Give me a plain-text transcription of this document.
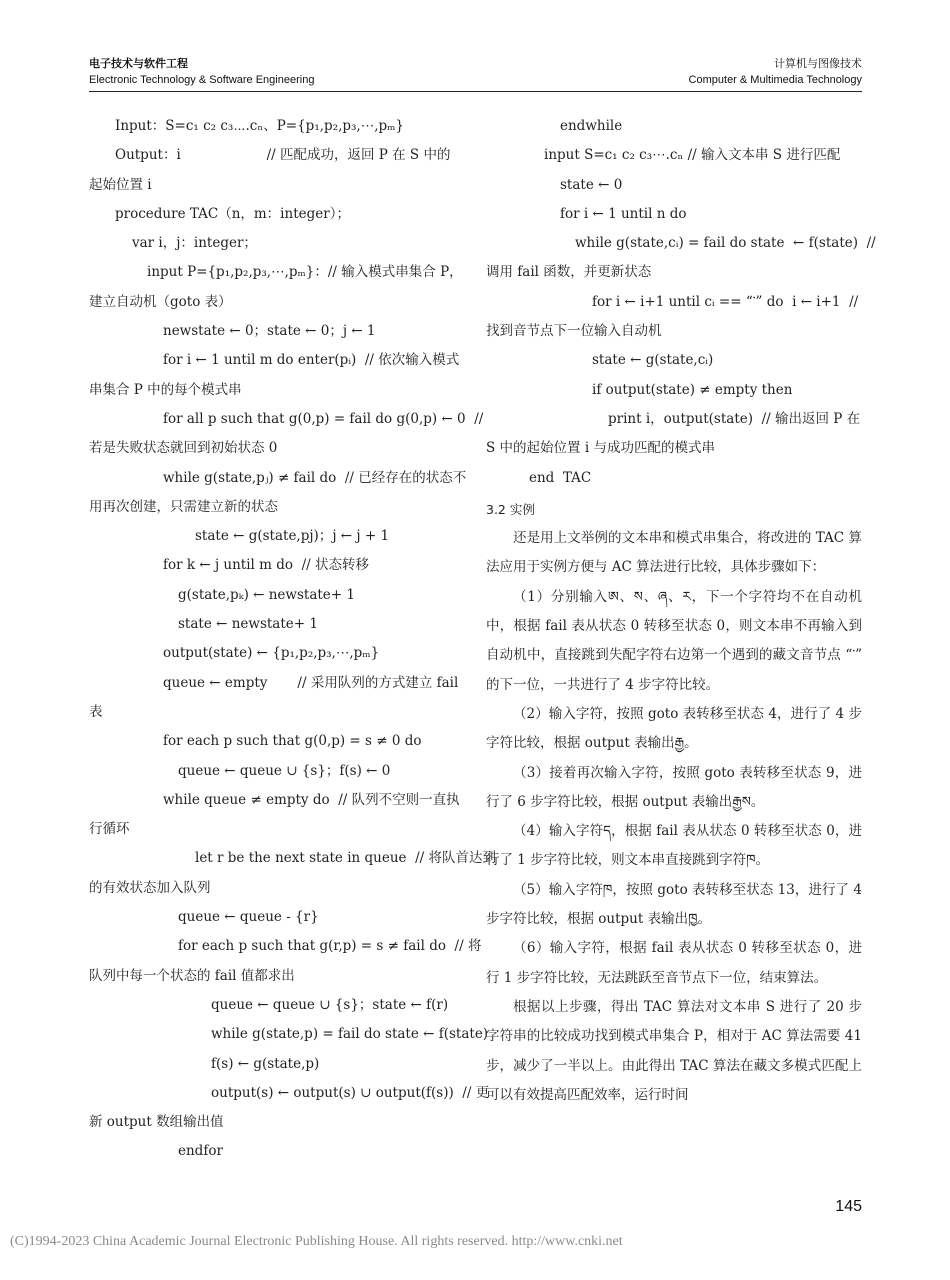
电子技术与软件工程
Electronic Technology & Software Engineering
计算机与图像技术
Computer & Multimedia Technology

Input：S=c₁ c₂ c₃⋯.cₙ、P={p₁,p₂,p₃,⋯,pₘ}

Output：i                    // 匹配成功，返回 P 在 S 中的

起始位置 i

procedure TAC（n，m：integer）；

var i，j：integer；

input P={p₁,p₂,p₃,⋯,pₘ}：// 输入模式串集合 P，

建立自动机（goto 表）

newstate ← 0；state ← 0；j ← 1

for i ← 1 until m do enter(pᵢ)  // 依次输入模式

串集合 P 中的每个模式串

for all p such that g(0,p) = fail do g(0,p) ← 0  //

若是失败状态就回到初始状态 0

while g(state,pⱼ) ≠ fail do  // 已经存在的状态不

用再次创建，只需建立新的状态

state ← g(state,pj)；j ← j + 1

for k ← j until m do  // 状态转移

g(state,pₖ) ← newstate+ 1

state ← newstate+ 1

output(state) ← {p₁,p₂,p₃,⋯,pₘ}

queue ← empty       // 采用队列的方式建立 fail

表

for each p such that g(0,p) = s ≠ 0 do

queue ← queue ∪ {s}；f(s) ← 0

while queue ≠ empty do  // 队列不空则一直执

行循环

let r be the next state in queue  // 将队首达到

的有效状态加入队列

queue ← queue - {r}

for each p such that g(r,p) = s ≠ fail do  // 将

队列中每一个状态的 fail 值都求出

queue ← queue ∪ {s}；state ← f(r)

while g(state,p) = fail do state ← f(state)

f(s) ← g(state,p)

output(s) ← output(s) ∪ output(f(s))  // 更

新 output 数组输出值

endfor

endwhile

input S=c₁ c₂ c₃⋯.cₙ // 输入文本串 S 进行匹配

state ← 0

for i ← 1 until n do

while g(state,cᵢ) = fail do state  ← f(state)  //

调用 fail 函数，并更新状态

for i ← i+1 until cᵢ == “་” do  i ← i+1  //

找到音节点下一位输入自动机

state ← g(state,cᵢ)

if output(state) ≠ empty then

print i，output(state)  // 输出返回 P 在

S 中的起始位置 i 与成功匹配的模式串

end  TAC

3.2 实例

还是用上文举例的文本串和模式串集合，将改进的 TAC 算法应用于实例方便与 AC 算法进行比较，具体步骤如下：

（1）分别输入ཨ、ས、ཞ、ར，下一个字符均不在自动机中，根据 fail 表从状态 0 转移至状态 0，则文本串不再输入到自动机中，直接跳到失配字符右边第一个遇到的藏文音节点 “་” 的下一位，一共进行了 4 步字符比较。

（2）输入字符，按照 goto 表转移至状态 4，进行了 4 步字符比较，根据 output 表输出རྒྱ。

（3）接着再次输入字符，按照 goto 表转移至状态 9，进行了 6 步字符比较，根据 output 表输出རྒྱས。

（4）输入字符ད，根据 fail 表从状态 0 转移至状态 0，进行了 1 步字符比较，则文本串直接跳到字符ཁ。

（5）输入字符ཁ，按照 goto 表转移至状态 13，进行了 4 步字符比较，根据 output 表输出ཁྱ。

（6）输入字符，根据 fail 表从状态 0 转移至状态 0，进行 1 步字符比较，无法跳跃至音节点下一位，结束算法。

根据以上步骤，得出 TAC 算法对文本串 S 进行了 20 步字符串的比较成功找到模式串集合 P，相对于 AC 算法需要 41 步，减少了一半以上。由此得出 TAC 算法在藏文多模式匹配上可以有效提高匹配效率，运行时间

145
(C)1994-2023 China Academic Journal Electronic Publishing House. All rights reserved. http://www.cnki.net
